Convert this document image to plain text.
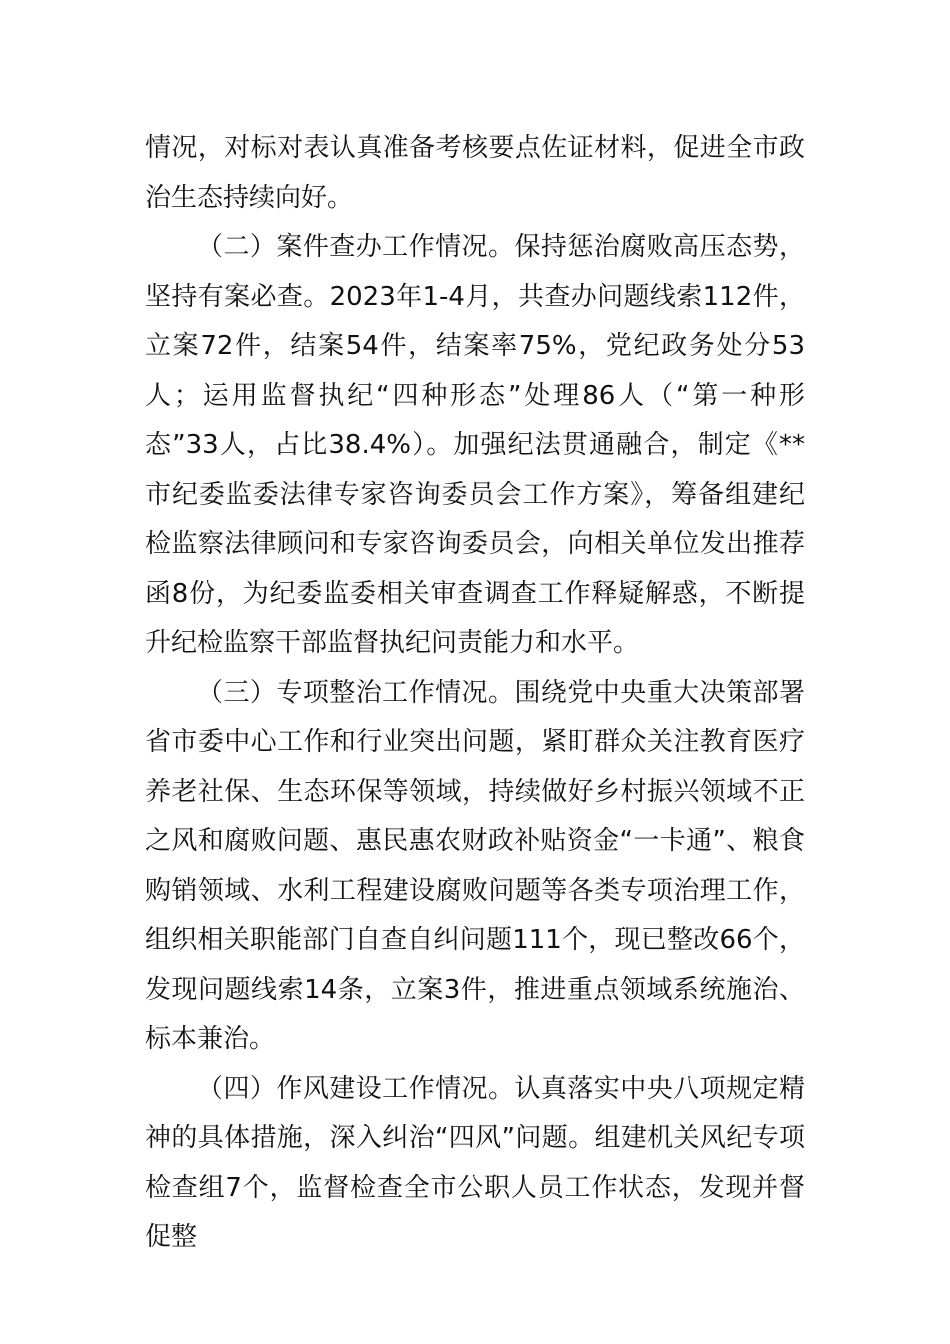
情况，对标对表认真准备考核要点佐证材料，促进全市政治生态持续向好。

（二）案件查办工作情况。保持惩治腐败高压态势，坚持有案必查。2023年1-4月，共查办问题线索112件，立案72件，结案54件，结案率75%，党纪政务处分53人；运用监督执纪“四种形态”处理86人（“第一种形态”33人，占比38.4%）。加强纪法贯通融合，制定《**市纪委监委法律专家咨询委员会工作方案》，筹备组建纪检监察法律顾问和专家咨询委员会，向相关单位发出推荐函8份，为纪委监委相关审查调查工作释疑解惑，不断提升纪检监察干部监督执纪问责能力和水平。

（三）专项整治工作情况。围绕党中央重大决策部署省市委中心工作和行业突出问题，紧盯群众关注教育医疗养老社保、生态环保等领域，持续做好乡村振兴领域不正之风和腐败问题、惠民惠农财政补贴资金“一卡通”、粮食购销领域、水利工程建设腐败问题等各类专项治理工作，组织相关职能部门自查自纠问题111个，现已整改66个，发现问题线索14条，立案3件，推进重点领域系统施治、标本兼治。

（四）作风建设工作情况。认真落实中央八项规定精神的具体措施，深入纠治“四风”问题。组建机关风纪专项检查组7个，监督检查全市公职人员工作状态，发现并督促整
